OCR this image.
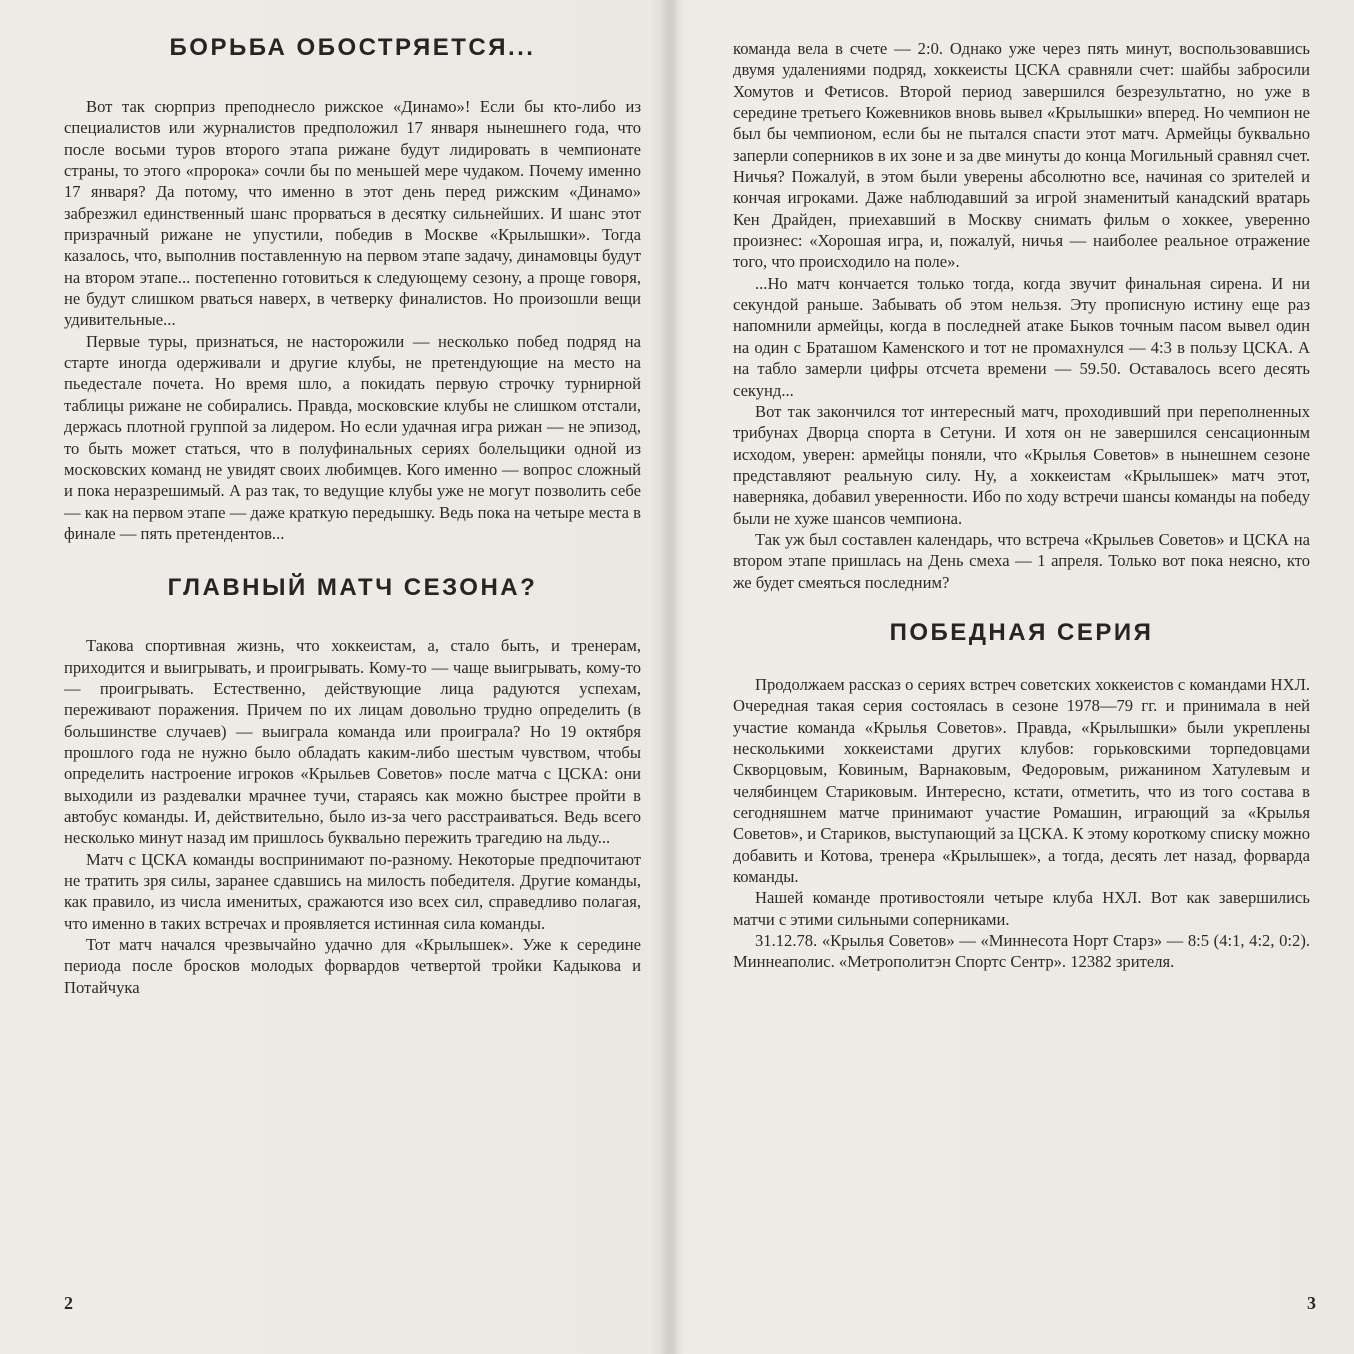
БОРЬБА ОБОСТРЯЕТСЯ...

Вот так сюрприз преподнесло рижское «Динамо»! Если бы кто-либо из специалистов или журналистов предположил 17 января нынешнего года, что после восьми туров второго этапа рижане будут лидировать в чемпионате страны, то этого «пророка» сочли бы по меньшей мере чудаком. Почему именно 17 января? Да потому, что именно в этот день перед рижским «Динамо» забрезжил единственный шанс прорваться в десятку сильнейших. И шанс этот призрачный рижане не упустили, победив в Москве «Крылышки». Тогда казалось, что, выполнив поставленную на первом этапе задачу, динамовцы будут на втором этапе... постепенно готовиться к следующему сезону, а проще говоря, не будут слишком рваться наверх, в четверку финалистов. Но произошли вещи удивительные...

Первые туры, признаться, не насторожили — несколько побед подряд на старте иногда одерживали и другие клубы, не претендующие на место на пьедестале почета. Но время шло, а покидать первую строчку турнирной таблицы рижане не собирались. Правда, московские клубы не слишком отстали, держась плотной группой за лидером. Но если удачная игра рижан — не эпизод, то быть может статься, что в полуфинальных сериях болельщики одной из московских команд не увидят своих любимцев. Кого именно — вопрос сложный и пока неразрешимый. А раз так, то ведущие клубы уже не могут позволить себе — как на первом этапе — даже краткую передышку. Ведь пока на четыре места в финале — пять претендентов...

ГЛАВНЫЙ МАТЧ СЕЗОНА?

Такова спортивная жизнь, что хоккеистам, а, стало быть, и тренерам, приходится и выигрывать, и проигрывать. Кому-то — чаще выигрывать, кому-то — проигрывать. Естественно, действующие лица радуются успехам, переживают поражения. Причем по их лицам довольно трудно определить (в большинстве случаев) — выиграла команда или проиграла? Но 19 октября прошлого года не нужно было обладать каким-либо шестым чувством, чтобы определить настроение игроков «Крыльев Советов» после матча с ЦСКА: они выходили из раздевалки мрачнее тучи, стараясь как можно быстрее пройти в автобус команды. И, действительно, было из-за чего расстраиваться. Ведь всего несколько минут назад им пришлось буквально пережить трагедию на льду...

Матч с ЦСКА команды воспринимают по-разному. Некоторые предпочитают не тратить зря силы, заранее сдавшись на милость победителя. Другие команды, как правило, из числа именитых, сражаются изо всех сил, справедливо полагая, что именно в таких встречах и проявляется истинная сила команды.

Тот матч начался чрезвычайно удачно для «Крылышек». Уже к середине периода после бросков молодых форвардов четвертой тройки Кадыкова и Потайчука

2

команда вела в счете — 2:0. Однако уже через пять минут, воспользовавшись двумя удалениями подряд, хоккеисты ЦСКА сравняли счет: шайбы забросили Хомутов и Фетисов. Второй период завершился безрезультатно, но уже в середине третьего Кожевников вновь вывел «Крылышки» вперед. Но чемпион не был бы чемпионом, если бы не пытался спасти этот матч. Армейцы буквально заперли соперников в их зоне и за две минуты до конца Могильный сравнял счет. Ничья? Пожалуй, в этом были уверены абсолютно все, начиная со зрителей и кончая игроками. Даже наблюдавший за игрой знаменитый канадский вратарь Кен Драйден, приехавший в Москву снимать фильм о хоккее, уверенно произнес: «Хорошая игра, и, пожалуй, ничья — наиболее реальное отражение того, что происходило на поле».

...Но матч кончается только тогда, когда звучит финальная сирена. И ни секундой раньше. Забывать об этом нельзя. Эту прописную истину еще раз напомнили армейцы, когда в последней атаке Быков точным пасом вывел один на один с Браташом Каменского и тот не промахнулся — 4:3 в пользу ЦСКА. А на табло замерли цифры отсчета времени — 59.50. Оставалось всего десять секунд...

Вот так закончился тот интересный матч, проходивший при переполненных трибунах Дворца спорта в Сетуни. И хотя он не завершился сенсационным исходом, уверен: армейцы поняли, что «Крылья Советов» в нынешнем сезоне представляют реальную силу. Ну, а хоккеистам «Крылышек» матч этот, наверняка, добавил уверенности. Ибо по ходу встречи шансы команды на победу были не хуже шансов чемпиона.

Так уж был составлен календарь, что встреча «Крыльев Советов» и ЦСКА на втором этапе пришлась на День смеха — 1 апреля. Только вот пока неясно, кто же будет смеяться последним?

ПОБЕДНАЯ СЕРИЯ

Продолжаем рассказ о сериях встреч советских хоккеистов с командами НХЛ. Очередная такая серия состоялась в сезоне 1978—79 гг. и принимала в ней участие команда «Крылья Советов». Правда, «Крылышки» были укреплены несколькими хоккеистами других клубов: горьковскими торпедовцами Скворцовым, Ковиным, Варнаковым, Федоровым, рижанином Хатулевым и челябинцем Стариковым. Интересно, кстати, отметить, что из того состава в сегодняшнем матче принимают участие Ромашин, играющий за «Крылья Советов», и Стариков, выступающий за ЦСКА. К этому короткому списку можно добавить и Котова, тренера «Крылышек», а тогда, десять лет назад, форварда команды.

Нашей команде противостояли четыре клуба НХЛ. Вот как завершились матчи с этими сильными соперниками.

31.12.78. «Крылья Советов» — «Миннесота Норт Старз» — 8:5 (4:1, 4:2, 0:2). Миннеаполис. «Метрополитэн Спортс Сентр». 12382 зрителя.

3
